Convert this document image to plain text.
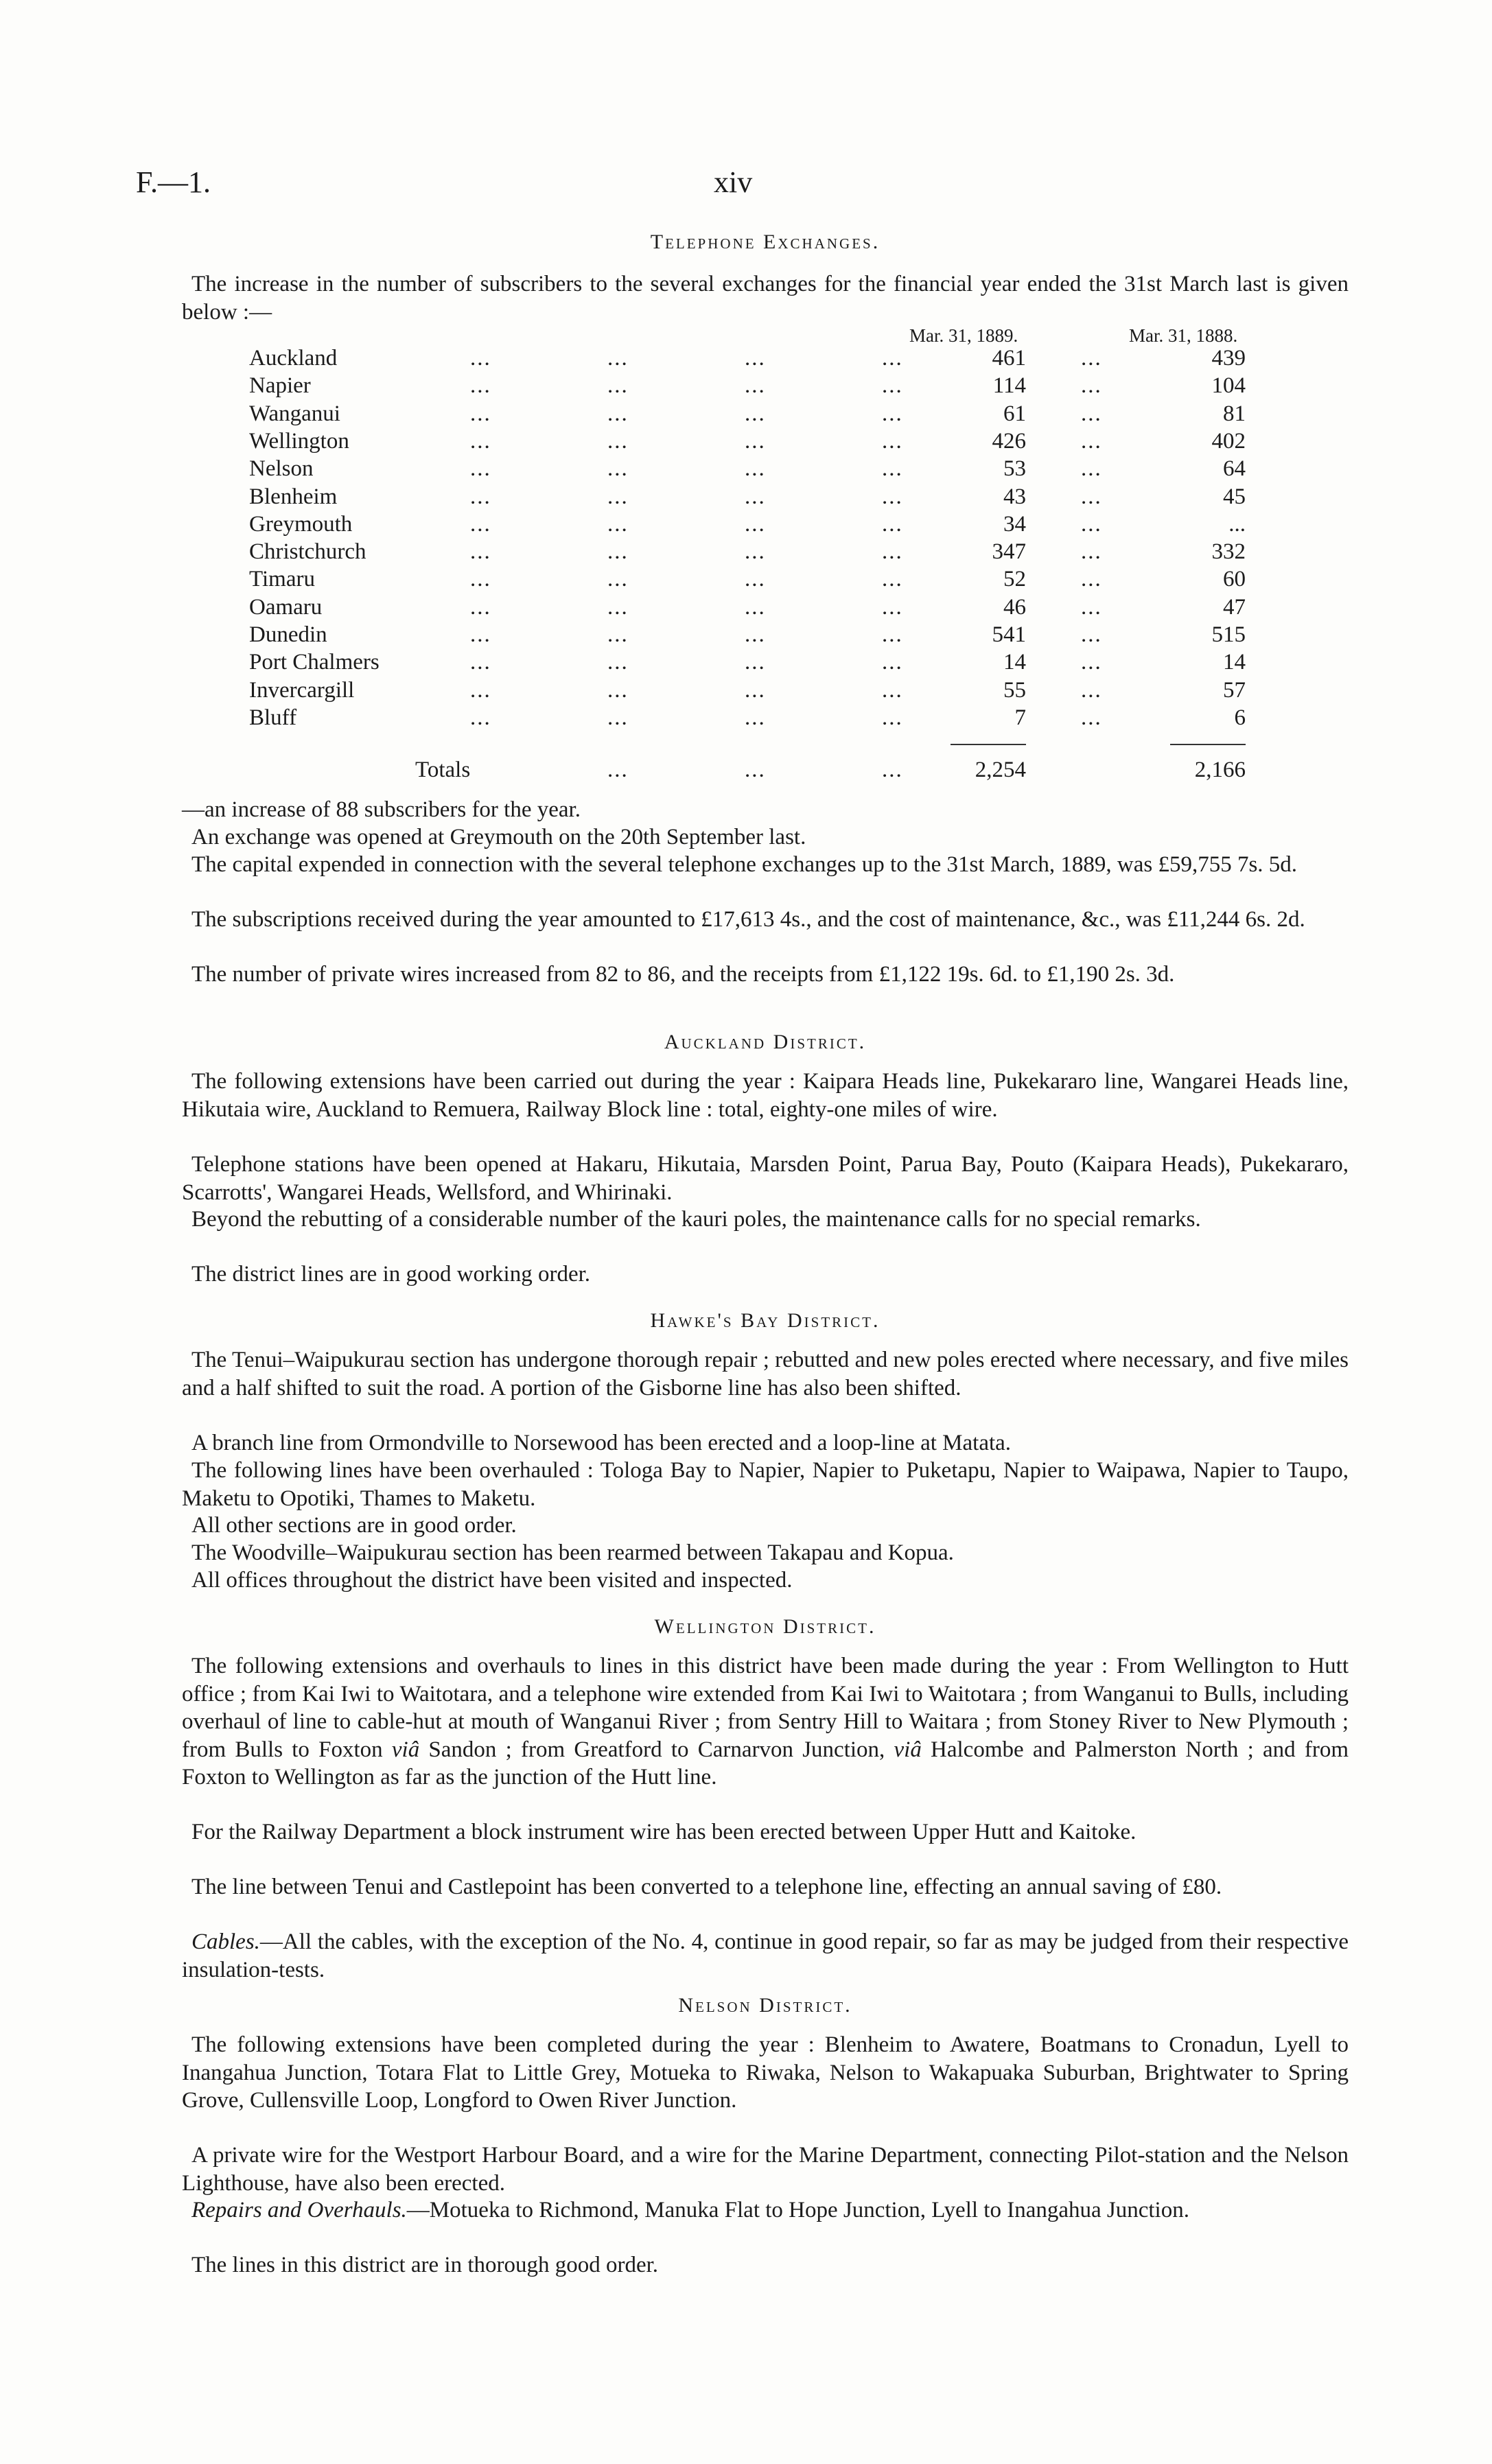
F.—1.	xiv
Telephone Exchanges.
The increase in the number of subscribers to the several exchanges for the financial year ended the 31st March last is given below :—
Mar. 31, 1889.	Mar. 31, 1888.
Auckland	...	...	...	...	461 ...	439
Napier	...	...	...	...	114 ...	104
Wanganui	...	...	...	...	61 ...	81
Wellington	...	...	...	...	426 ...	402
Nelson	...	...	...	...	53 ...	64
Blenheim	...	...	...	...	43 ...	45
Greymouth	...	...	...	...	34 ...	...
Christchurch	...	...	...	...	347 ...	332
Timaru	...	...	...	...	52 ...	60
Oamaru	...	...	...	...	46 ...	47
Dunedin	...	...	...	...	541 ...	515
Port Chalmers	...	...	...	...	14 ...	14
Invercargill	...	...	...	...	55 ...	57
Bluff	...	...	...	...	7 ...	6
Totals	...	...	...	2,254	2,166
—an increase of 88 subscribers for the year.
An exchange was opened at Greymouth on the 20th September last.
The capital expended in connection with the several telephone exchanges up to the 31st March, 1889, was £59,755 7s. 5d.
The subscriptions received during the year amounted to £17,613 4s., and the cost of maintenance, &c., was £11,244 6s. 2d.
The number of private wires increased from 82 to 86, and the receipts from £1,122 19s. 6d. to £1,190 2s. 3d.
Auckland District.
The following extensions have been carried out during the year : Kaipara Heads line, Pukekararo line, Wangarei Heads line, Hikutaia wire, Auckland to Remuera, Railway Block line : total, eighty-one miles of wire.
Telephone stations have been opened at Hakaru, Hikutaia, Marsden Point, Parua Bay, Pouto (Kaipara Heads), Pukekararo, Scarrotts', Wangarei Heads, Wellsford, and Whirinaki.
Beyond the rebutting of a considerable number of the kauri poles, the maintenance calls for no special remarks.
The district lines are in good working order.
Hawke's Bay District.
The Tenui–Waipukurau section has undergone thorough repair ; rebutted and new poles erected where necessary, and five miles and a half shifted to suit the road. A portion of the Gisborne line has also been shifted.
A branch line from Ormondville to Norsewood has been erected and a loop-line at Matata.
The following lines have been overhauled : Tologa Bay to Napier, Napier to Puketapu, Napier to Waipawa, Napier to Taupo, Maketu to Opotiki, Thames to Maketu.
All other sections are in good order.
The Woodville–Waipukurau section has been rearmed between Takapau and Kopua.
All offices throughout the district have been visited and inspected.
Wellington District.
The following extensions and overhauls to lines in this district have been made during the year : From Wellington to Hutt office ; from Kai Iwi to Waitotara, and a telephone wire extended from Kai Iwi to Waitotara ; from Wanganui to Bulls, including overhaul of line to cable-hut at mouth of Wanganui River ; from Sentry Hill to Waitara ; from Stoney River to New Plymouth ; from Bulls to Foxton viâ Sandon ; from Greatford to Carnarvon Junction, viâ Halcombe and Palmerston North ; and from Foxton to Wellington as far as the junction of the Hutt line.
For the Railway Department a block instrument wire has been erected between Upper Hutt and Kaitoke.
The line between Tenui and Castlepoint has been converted to a telephone line, effecting an annual saving of £80.
Cables.—All the cables, with the exception of the No. 4, continue in good repair, so far as may be judged from their respective insulation-tests.
Nelson District.
The following extensions have been completed during the year : Blenheim to Awatere, Boatmans to Cronadun, Lyell to Inangahua Junction, Totara Flat to Little Grey, Motueka to Riwaka, Nelson to Wakapuaka Suburban, Brightwater to Spring Grove, Cullensville Loop, Longford to Owen River Junction.
A private wire for the Westport Harbour Board, and a wire for the Marine Department, connecting Pilot-station and the Nelson Lighthouse, have also been erected.
Repairs and Overhauls.—Motueka to Richmond, Manuka Flat to Hope Junction, Lyell to Inangahua Junction.
The lines in this district are in thorough good order.
